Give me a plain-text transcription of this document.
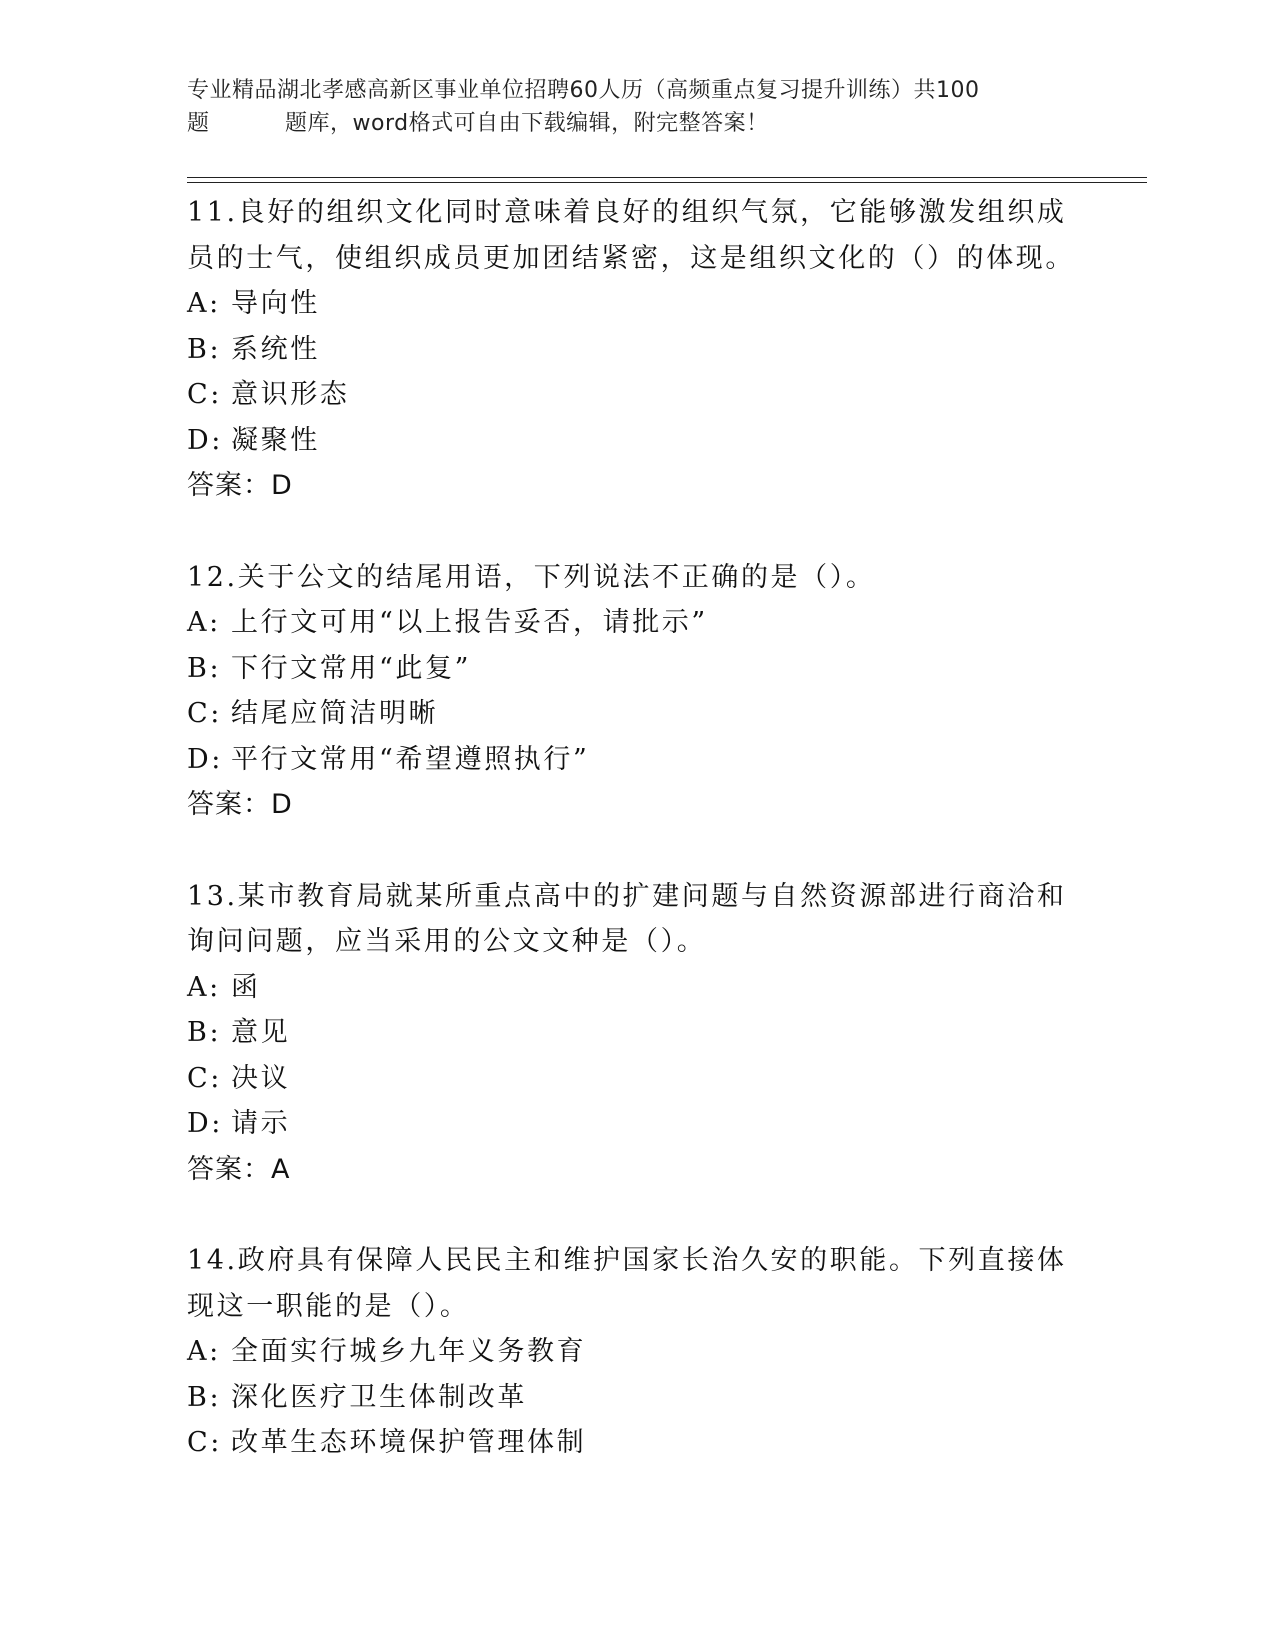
专业精品湖北孝感高新区事业单位招聘60人历（高频重点复习提升训练）共100
题	题库，word格式可自由下载编辑，附完整答案！

11.良好的组织文化同时意味着良好的组织气氛，它能够激发组织成员的士气，使组织成员更加团结紧密，这是组织文化的（）的体现。

A: 导向性
B: 系统性
C: 意识形态
D: 凝聚性
答案：D

12.关于公文的结尾用语，下列说法不正确的是（）。

A: 上行文可用“以上报告妥否，请批示”
B: 下行文常用“此复”
C: 结尾应简洁明晰
D: 平行文常用“希望遵照执行”
答案：D

13.某市教育局就某所重点高中的扩建问题与自然资源部进行商洽和询问问题，应当采用的公文文种是（）。

A: 函
B: 意见
C: 决议
D: 请示
答案：A

14.政府具有保障人民民主和维护国家长治久安的职能。下列直接体现这一职能的是（）。

A: 全面实行城乡九年义务教育
B: 深化医疗卫生体制改革
C: 改革生态环境保护管理体制
